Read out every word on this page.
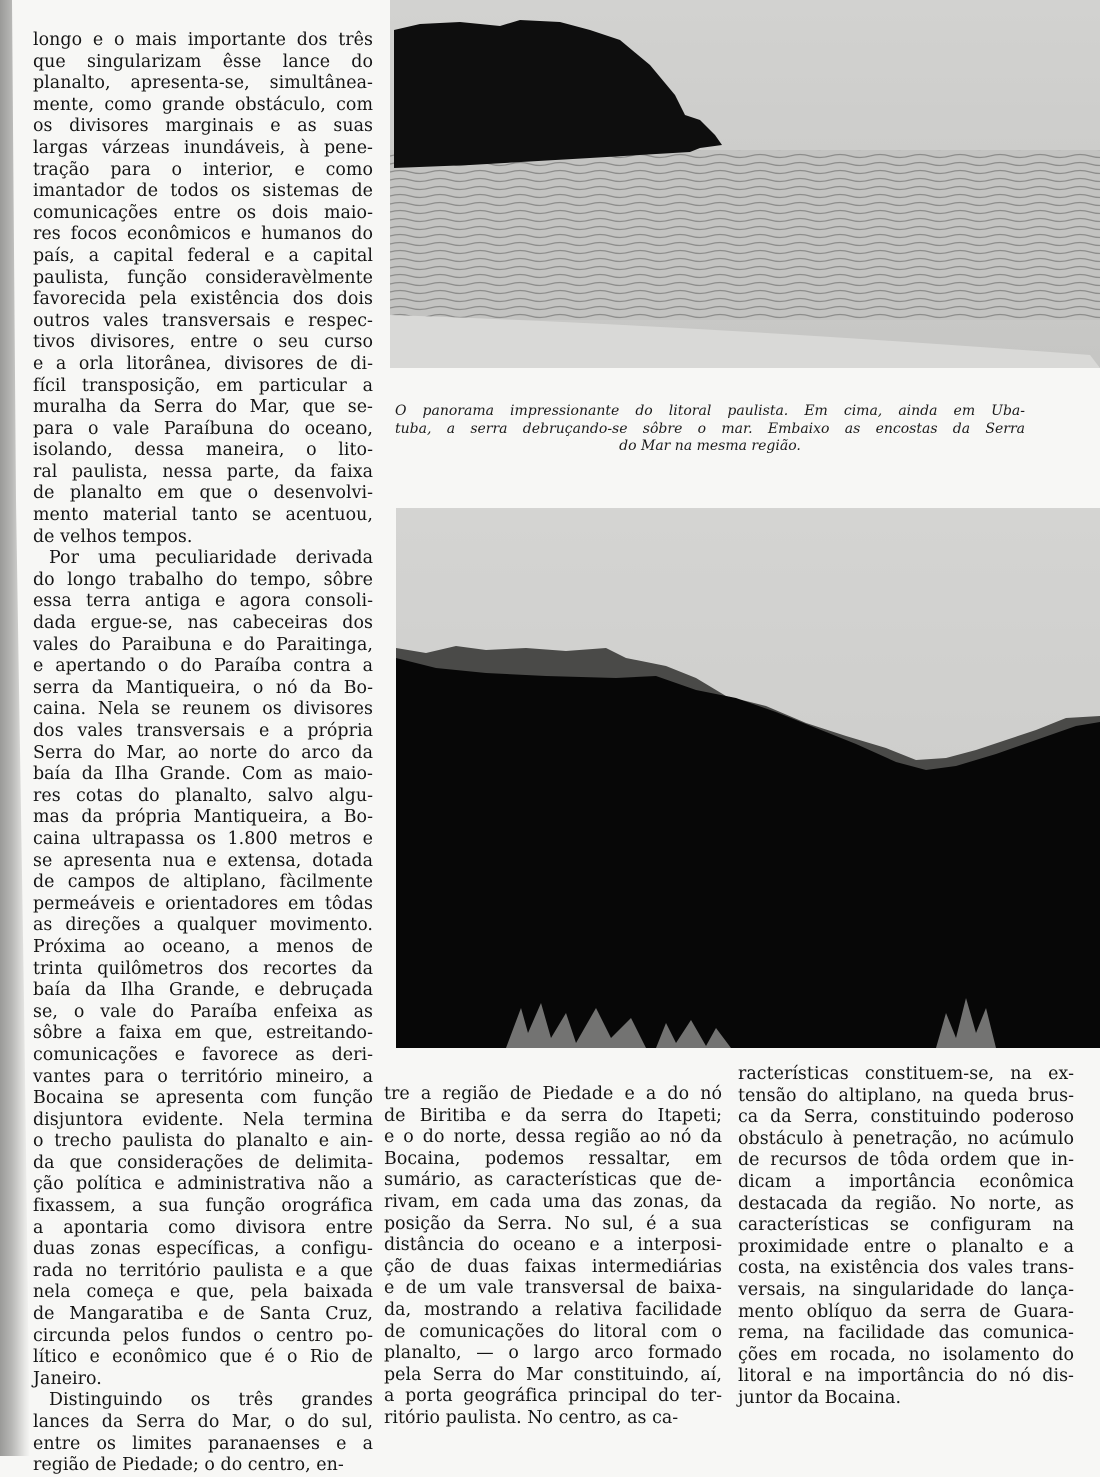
longo e o mais importante dos três
que singularizam êsse lance do
planalto, apresenta-se, simultânea-
mente, como grande obstáculo, com
os divisores marginais e as suas
largas várzeas inundáveis, à pene-
tração para o interior, e como
imantador de todos os sistemas de
comunicações entre os dois maio-
res focos econômicos e humanos do
país, a capital federal e a capital
paulista, função consideravèlmente
favorecida pela existência dos dois
outros vales transversais e respec-
tivos divisores, entre o seu curso
e a orla litorânea, divisores de di-
fícil transposição, em particular a
muralha da Serra do Mar, que se-
para o vale Paraíbuna do oceano,
isolando, dessa maneira, o lito-
ral paulista, nessa parte, da faixa
de planalto em que o desenvolvi-
mento material tanto se acentuou,
de velhos tempos.
Por uma peculiaridade derivada
do longo trabalho do tempo, sôbre
essa terra antiga e agora consoli-
dada ergue-se, nas cabeceiras dos
vales do Paraibuna e do Paraitinga,
e apertando o do Paraíba contra a
serra da Mantiqueira, o nó da Bo-
caina. Nela se reunem os divisores
dos vales transversais e a própria
Serra do Mar, ao norte do arco da
baía da Ilha Grande. Com as maio-
res cotas do planalto, salvo algu-
mas da própria Mantiqueira, a Bo-
caina ultrapassa os 1.800 metros e
se apresenta nua e extensa, dotada
de campos de altiplano, fàcilmente
permeáveis e orientadores em tôdas
as direções a qualquer movimento.
Próxima ao oceano, a menos de
trinta quilômetros dos recortes da
baía da Ilha Grande, e debruçada
se, o vale do Paraíba enfeixa as
sôbre a faixa em que, estreitando-
comunicações e favorece as deri-
vantes para o território mineiro, a
Bocaina se apresenta com função
disjuntora evidente. Nela termina
o trecho paulista do planalto e ain-
da que considerações de delimita-
ção política e administrativa não a
fixassem, a sua função orográfica
a apontaria como divisora entre
duas zonas específicas, a configu-
rada no território paulista e a que
nela começa e que, pela baixada
de Mangaratiba e de Santa Cruz,
circunda pelos fundos o centro po-
lítico e econômico que é o Rio de
Janeiro.
Distinguindo os três grandes
lances da Serra do Mar, o do sul,
entre os limites paranaenses e a
região de Piedade; o do centro, en-
O panorama impressionante do litoral paulista. Em cima, ainda em Uba-
tuba, a serra debruçando-se sôbre o mar. Embaixo as encostas da Serra
do Mar na mesma região.
tre a região de Piedade e a do nó
de Biritiba e da serra do Itapeti;
e o do norte, dessa região ao nó da
Bocaina, podemos ressaltar, em
sumário, as características que de-
rivam, em cada uma das zonas, da
posição da Serra. No sul, é a sua
distância do oceano e a interposi-
ção de duas faixas intermediárias
e de um vale transversal de baixa-
da, mostrando a relativa facilidade
de comunicações do litoral com o
planalto, — o largo arco formado
pela Serra do Mar constituindo, aí,
a porta geográfica principal do ter-
ritório paulista. No centro, as ca-
racterísticas constituem-se, na ex-
tensão do altiplano, na queda brus-
ca da Serra, constituindo poderoso
obstáculo à penetração, no acúmulo
de recursos de tôda ordem que in-
dicam a importância econômica
destacada da região. No norte, as
características se configuram na
proximidade entre o planalto e a
costa, na existência dos vales trans-
versais, na singularidade do lança-
mento oblíquo da serra de Guara-
rema, na facilidade das comunica-
ções em rocada, no isolamento do
litoral e na importância do nó dis-
juntor da Bocaina.
